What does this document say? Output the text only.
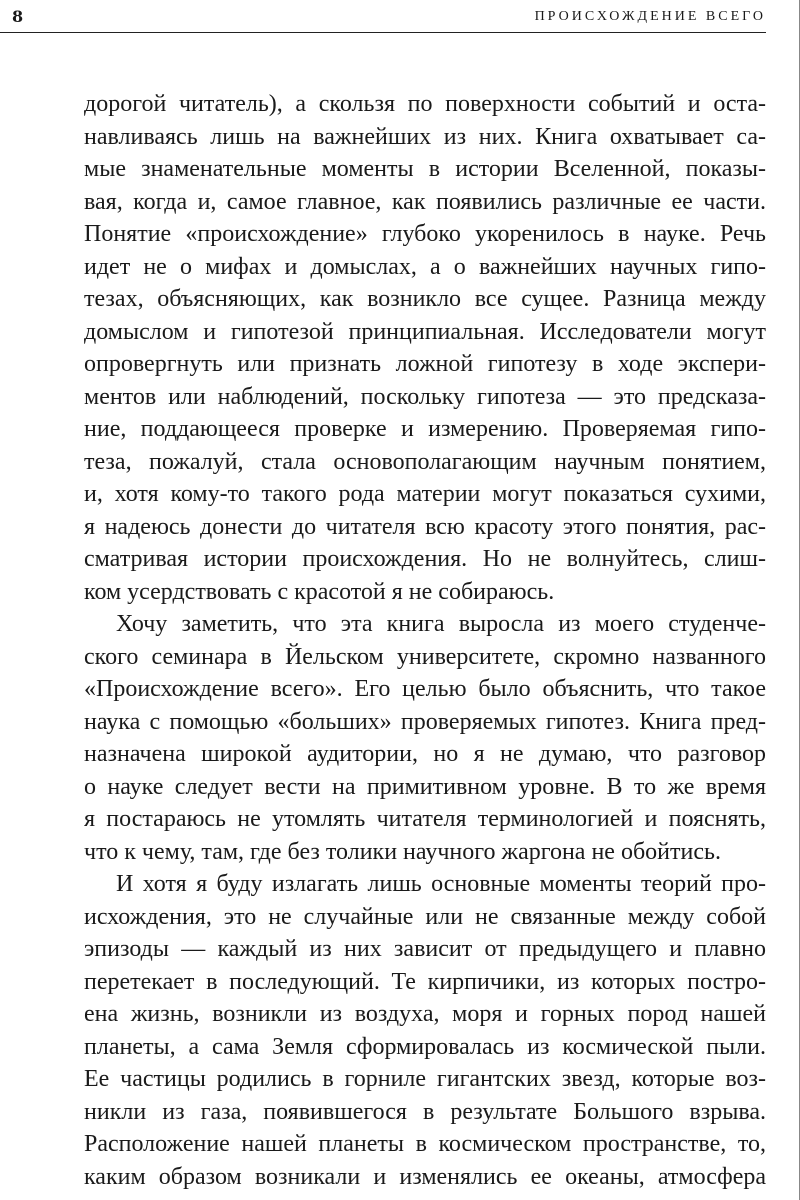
8	ПРОИСХОЖДЕНИЕ ВСЕГО

дорогой читатель), а скользя по поверхности событий и оста-
навливаясь лишь на важнейших из них. Книга охватывает са-
мые знаменательные моменты в истории Вселенной, показы-
вая, когда и, самое главное, как появились различные ее части.
Понятие «происхождение» глубоко укоренилось в науке. Речь
идет не о мифах и домыслах, а о важнейших научных гипо-
тезах, объясняющих, как возникло все сущее. Разница между
домыслом и гипотезой принципиальная. Исследователи могут
опровергнуть или признать ложной гипотезу в ходе экспери-
ментов или наблюдений, поскольку гипотеза — это предсказа-
ние, поддающееся проверке и измерению. Проверяемая гипо-
теза, пожалуй, стала основополагающим научным понятием,
и, хотя кому-то такого рода материи могут показаться сухими,
я надеюсь донести до читателя всю красоту этого понятия, рас-
сматривая истории происхождения. Но не волнуйтесь, слиш-
ком усердствовать с красотой я не собираюсь.

Хочу заметить, что эта книга выросла из моего студенче-
ского семинара в Йельском университете, скромно названного
«Происхождение всего». Его целью было объяснить, что такое
наука с помощью «больших» проверяемых гипотез. Книга пред-
назначена широкой аудитории, но я не думаю, что разговор
о науке следует вести на примитивном уровне. В то же время
я постараюсь не утомлять читателя терминологией и пояснять,
что к чему, там, где без толики научного жаргона не обойтись.

И хотя я буду излагать лишь основные моменты теорий про-
исхождения, это не случайные или не связанные между собой
эпизоды — каждый из них зависит от предыдущего и плавно
перетекает в последующий. Те кирпичики, из которых постро-
ена жизнь, возникли из воздуха, моря и горных пород нашей
планеты, а сама Земля сформировалась из космической пыли.
Ее частицы родились в горниле гигантских звезд, которые воз-
никли из газа, появившегося в результате Большого взрыва.
Расположение нашей планеты в космическом пространстве, то,
каким образом возникали и изменялись ее океаны, атмосфера
